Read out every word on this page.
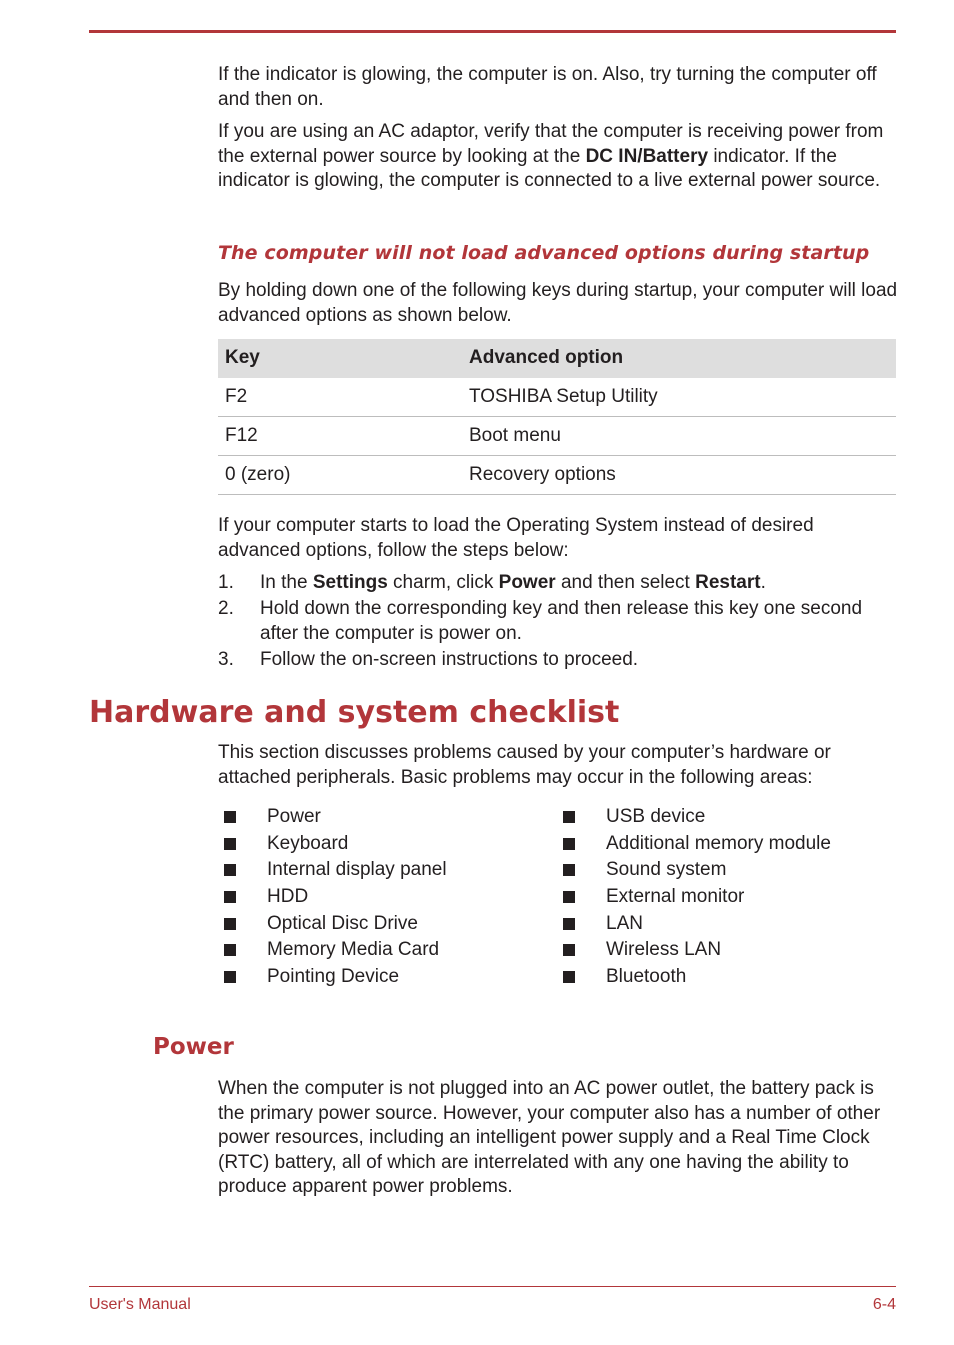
If the indicator is glowing, the computer is on. Also, try turning the computer off and then on.

If you are using an AC adaptor, verify that the computer is receiving power from the external power source by looking at the DC IN/Battery indicator. If the indicator is glowing, the computer is connected to a live external power source.

The computer will not load advanced options during startup

By holding down one of the following keys during startup, your computer will load advanced options as shown below.

Key	Advanced option
F2	TOSHIBA Setup Utility
F12	Boot menu
0 (zero)	Recovery options

If your computer starts to load the Operating System instead of desired advanced options, follow the steps below:

1. In the Settings charm, click Power and then select Restart.
2. Hold down the corresponding key and then release this key one second after the computer is power on.
3. Follow the on-screen instructions to proceed.
Hardware and system checklist

This section discusses problems caused by your computer’s hardware or attached peripherals. Basic problems may occur in the following areas:

Power
Keyboard
Internal display panel
HDD
Optical Disc Drive
Memory Media Card
Pointing Device
USB device
Additional memory module
Sound system
External monitor
LAN
Wireless LAN
Bluetooth
Power

When the computer is not plugged into an AC power outlet, the battery pack is the primary power source. However, your computer also has a number of other power resources, including an intelligent power supply and a Real Time Clock (RTC) battery, all of which are interrelated with any one having the ability to produce apparent power problems.

User's Manual	6-4
